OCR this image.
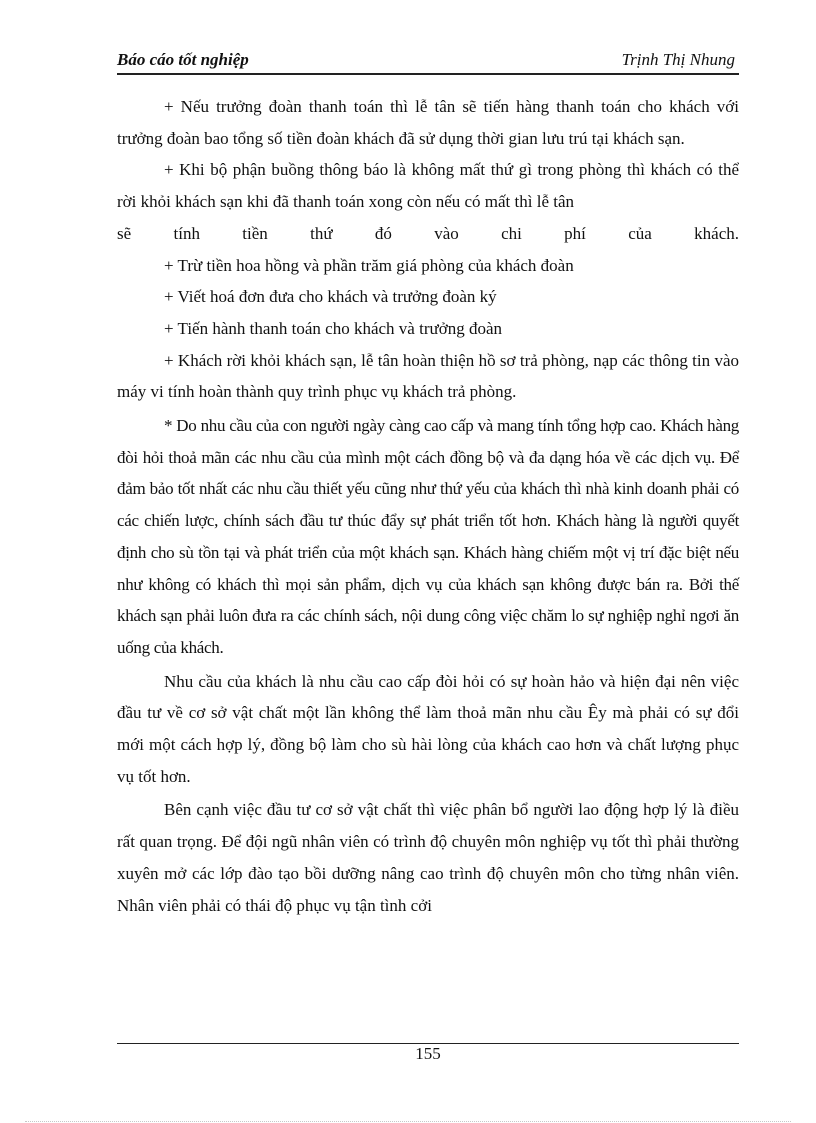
Báo cáo tốt nghiệp	Trịnh Thị Nhung

+ Nếu trưởng đoàn thanh toán thì lễ tân sẽ tiến hàng thanh toán cho khách với trưởng đoàn bao tổng số tiền đoàn khách đã sử dụng thời gian lưu trú tại khách sạn.

+ Khi bộ phận buồng thông báo là không mất thứ gì trong phòng thì khách có thể rời khỏi khách sạn khi đã thanh toán xong còn nếu có mất thì lễ tân

sẽ tính tiền thứ đó vào chi phí của khách.

+ Trừ tiền hoa hồng và phần trăm giá phòng của khách đoàn

+ Viết hoá đơn đưa cho khách và trưởng đoàn ký

+ Tiến hành thanh toán cho khách và trưởng đoàn

+ Khách rời khỏi khách sạn, lễ tân hoàn thiện hồ sơ trả phòng, nạp các thông tin vào máy vi tính hoàn thành quy trình phục vụ khách trả phòng.

* Do nhu cầu của con người ngày càng cao cấp và mang tính tổng hợp cao. Khách hàng đòi hỏi thoả mãn các nhu cầu của mình một cách đồng bộ và đa dạng hóa về các dịch vụ. Để đảm bảo tốt nhất các nhu cầu thiết yếu cũng như thứ yếu của khách thì nhà kinh doanh phải có các chiến lược, chính sách đầu tư thúc đẩy sự phát triển tốt hơn. Khách hàng là người quyết định cho sù tồn tại và phát triển của một khách sạn. Khách hàng chiếm một vị trí đặc biệt nếu như không có khách thì mọi sản phẩm, dịch vụ của khách sạn không được bán ra. Bởi thế khách sạn phải luôn đưa ra các chính sách, nội dung công việc chăm lo sự nghiệp nghỉ ngơi ăn uống của khách.

Nhu cầu của khách là nhu cầu cao cấp đòi hỏi có sự hoàn hảo và hiện đại nên việc đầu tư về cơ sở vật chất một lần không thể làm thoả mãn nhu cầu Êy mà phải có sự đổi mới một cách hợp lý, đồng bộ làm cho sù hài lòng của khách cao hơn và chất lượng phục vụ tốt hơn.

Bên cạnh việc đầu tư cơ sở vật chất thì việc phân bổ người lao động hợp lý là điều rất quan trọng. Để đội ngũ nhân viên có trình độ chuyên môn nghiệp vụ tốt thì phải thường xuyên mở các lớp đào tạo bồi dưỡng nâng cao trình độ chuyên môn cho từng nhân viên. Nhân viên phải có thái độ phục vụ tận tình cởi

155
